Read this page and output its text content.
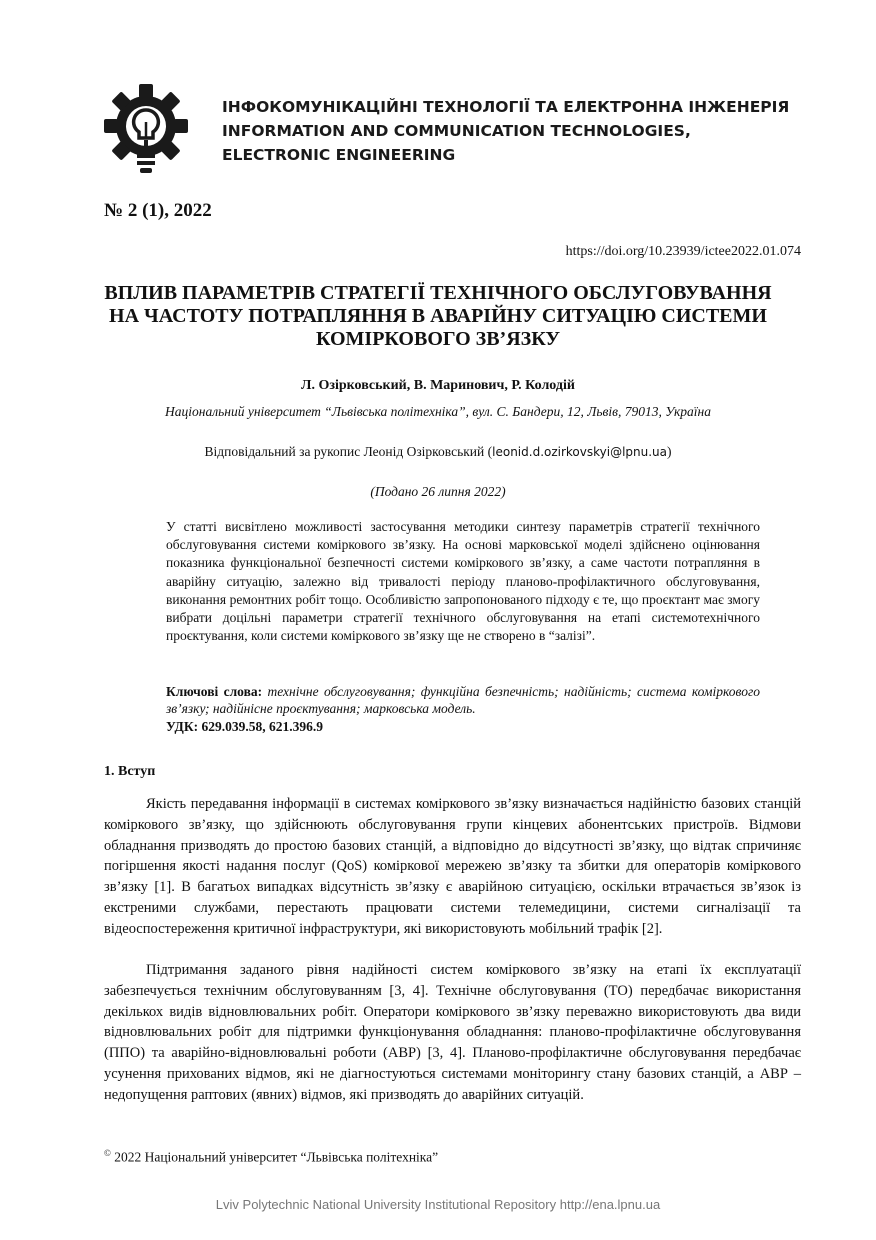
ІНФОКОМУНІКАЦІЙНІ ТЕХНОЛОГІЇ ТА ЕЛЕКТРОННА ІНЖЕНЕРІЯ
INFORMATION AND COMMUNICATION TECHNOLOGIES,
ELECTRONIC ENGINEERING
№ 2 (1), 2022
https://doi.org/10.23939/ictee2022.01.074
ВПЛИВ ПАРАМЕТРІВ СТРАТЕГІЇ ТЕХНІЧНОГО ОБСЛУГОВУВАННЯ НА ЧАСТОТУ ПОТРАПЛЯННЯ В АВАРІЙНУ СИТУАЦІЮ СИСТЕМИ КОМІРКОВОГО ЗВ’ЯЗКУ
Л. Озірковський, В. Маринович, Р. Колодій
Національний університет “Львівська політехніка”, вул. С. Бандери, 12, Львів, 79013, Україна
Відповідальний за рукопис Леонід Озірковський (leonid.d.ozirkovskyi@lpnu.ua)
(Подано 26 липня 2022)
У статті висвітлено можливості застосування методики синтезу параметрів стратегії технічного обслуговування системи коміркового зв’язку. На основі марковської моделі здійснено оцінювання показника функціональної безпечності системи коміркового зв’язку, а саме частоти потрапляння в аварійну ситуацію, залежно від тривалості періоду планово-профілактичного обслуговування, виконання ремонтних робіт тощо. Особливістю запропонованого підходу є те, що проєктант має змогу вибрати доцільні параметри стратегії технічного обслуговування на етапі системотехнічного проєктування, коли системи коміркового зв’язку ще не створено в “залізі”.
Ключові слова: технічне обслуговування; функційна безпечність; надійність; система коміркового зв’язку; надійнісне проєктування; марковська модель.
УДК: 629.039.58, 621.396.9
1. Вступ
Якість передавання інформації в системах коміркового зв’язку визначається надійністю базових станцій коміркового зв’язку, що здійснюють обслуговування групи кінцевих абонентських пристроїв. Відмови обладнання призводять до простою базових станцій, а відповідно до відсутності зв’язку, що відтак спричиняє погіршення якості надання послуг (QoS) коміркової мережею зв’язку та збитки для операторів коміркового зв’язку [1]. В багатьох випадках відсутність зв’язку є аварійною ситуацією, оскільки втрачається зв’язок із екстреними службами, перестають працювати системи телемедицини, системи сигналізації та відеоспостереження критичної інфраструктури, які використовують мобільний трафік [2].
Підтримання заданого рівня надійності систем коміркового зв’язку на етапі їх експлуатації забезпечується технічним обслуговуванням [3, 4]. Технічне обслуговування (ТО) передбачає використання декількох видів відновлювальних робіт. Оператори коміркового зв’язку переважно використовують два види відновлювальних робіт для підтримки функціонування обладнання: планово-профілактичне обслуговування (ППО) та аварійно-відновлювальні роботи (АВР) [3, 4]. Планово-профілактичне обслуговування передбачає усунення прихованих відмов, які не діагностуються системами моніторингу стану базових станцій, а АВР – недопущення раптових (явних) відмов, які призводять до аварійних ситуацій.
© 2022 Національний університет “Львівська політехніка”
Lviv Polytechnic National University Institutional Repository http://ena.lpnu.ua
